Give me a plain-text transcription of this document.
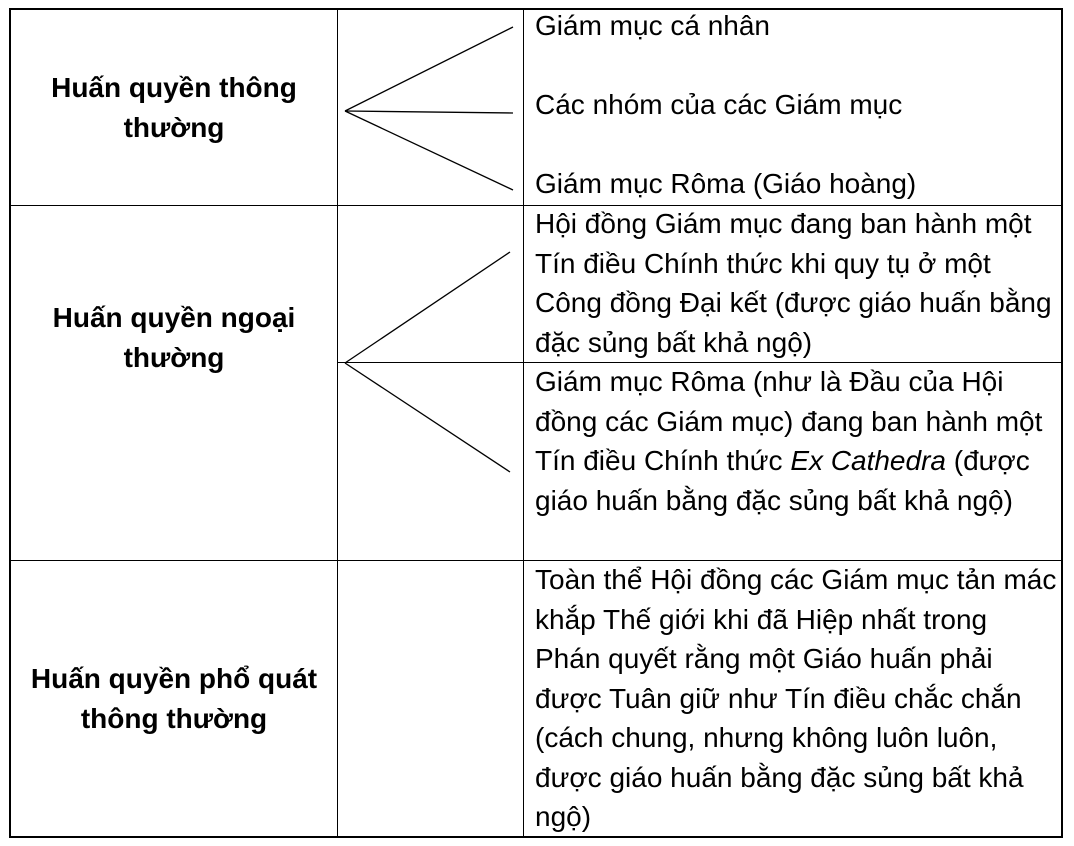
Huấn quyền thông thường
Giám mục cá nhân
Các nhóm của các Giám mục
Giám mục Rôma (Giáo hoàng)
Huấn quyền ngoại thường
Hội đồng Giám mục đang ban hành một Tín điều Chính thức khi quy tụ ở một Công đồng Đại kết (được giáo huấn bằng đặc sủng bất khả ngộ)
Giám mục Rôma (như là Đầu của Hội đồng các Giám mục) đang ban hành một Tín điều Chính thức Ex Cathedra (được giáo huấn bằng đặc sủng bất khả ngộ)
Huấn quyền phổ quát thông thường
Toàn thể Hội đồng các Giám mục tản mác khắp Thế giới khi đã Hiệp nhất trong Phán quyết rằng một Giáo huấn phải được Tuân giữ như Tín điều chắc chắn (cách chung, nhưng không luôn luôn, được giáo huấn bằng đặc sủng bất khả ngộ)
